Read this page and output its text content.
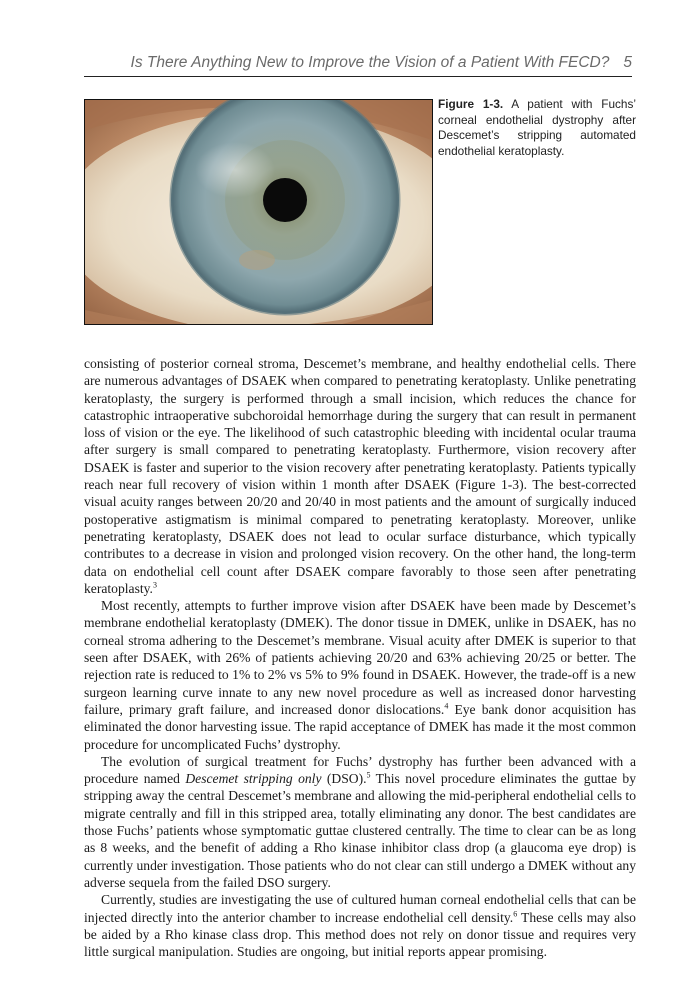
Is There Anything New to Improve the Vision of a Patient With FECD? 5
Figure 1-3. A patient with Fuchs’ corneal endothelial dystrophy after Descemet’s stripping automated endothelial keratoplasty.

consisting of posterior corneal stroma, Descemet’s membrane, and healthy endothelial cells. There are numerous advantages of DSAEK when compared to penetrating keratoplasty. Unlike penetrating keratoplasty, the surgery is performed through a small incision, which reduces the chance for catastrophic intraoperative subchoroidal hemorrhage during the surgery that can result in permanent loss of vision or the eye. The likelihood of such catastrophic bleeding with incidental ocular trauma after surgery is small compared to penetrating keratoplasty. Furthermore, vision recovery after DSAEK is faster and superior to the vision recovery after penetrating keratoplasty. Patients typically reach near full recovery of vision within 1 month after DSAEK (Figure 1-3). The best-corrected visual acuity ranges between 20/20 and 20/40 in most patients and the amount of surgically induced postoperative astigmatism is minimal compared to penetrating keratoplasty. Moreover, unlike penetrating keratoplasty, DSAEK does not lead to ocular surface disturbance, which typically contributes to a decrease in vision and prolonged vision recovery. On the other hand, the long-term data on endothelial cell count after DSAEK compare favorably to those seen after penetrating keratoplasty.$^3$

Most recently, attempts to further improve vision after DSAEK have been made by Descemet’s membrane endothelial keratoplasty (DMEK). The donor tissue in DMEK, unlike in DSAEK, has no corneal stroma adhering to the Descemet’s membrane. Visual acuity after DMEK is superior to that seen after DSAEK, with 26% of patients achieving 20/20 and 63% achieving 20/25 or better. The rejection rate is reduced to 1% to 2% vs 5% to 9% found in DSAEK. However, the trade-off is a new surgeon learning curve innate to any new novel procedure as well as increased donor harvesting failure, primary graft failure, and increased donor dislocations.$^4$ Eye bank donor acquisition has eliminated the donor harvesting issue. The rapid acceptance of DMEK has made it the most common procedure for uncomplicated Fuchs’ dystrophy.

The evolution of surgical treatment for Fuchs’ dystrophy has further been advanced with a procedure named Descemet stripping only (DSO).$^5$ This novel procedure eliminates the guttae by stripping away the central Descemet’s membrane and allowing the mid-peripheral endothelial cells to migrate centrally and fill in this stripped area, totally eliminating any donor. The best candidates are those Fuchs’ patients whose symptomatic guttae clustered centrally. The time to clear can be as long as 8 weeks, and the benefit of adding a Rho kinase inhibitor class drop (a glaucoma eye drop) is currently under investigation. Those patients who do not clear can still undergo a DMEK without any adverse sequela from the failed DSO surgery.

Currently, studies are investigating the use of cultured human corneal endothelial cells that can be injected directly into the anterior chamber to increase endothelial cell density.$^6$ These cells may also be aided by a Rho kinase class drop. This method does not rely on donor tissue and requires very little surgical manipulation. Studies are ongoing, but initial reports appear promising.
